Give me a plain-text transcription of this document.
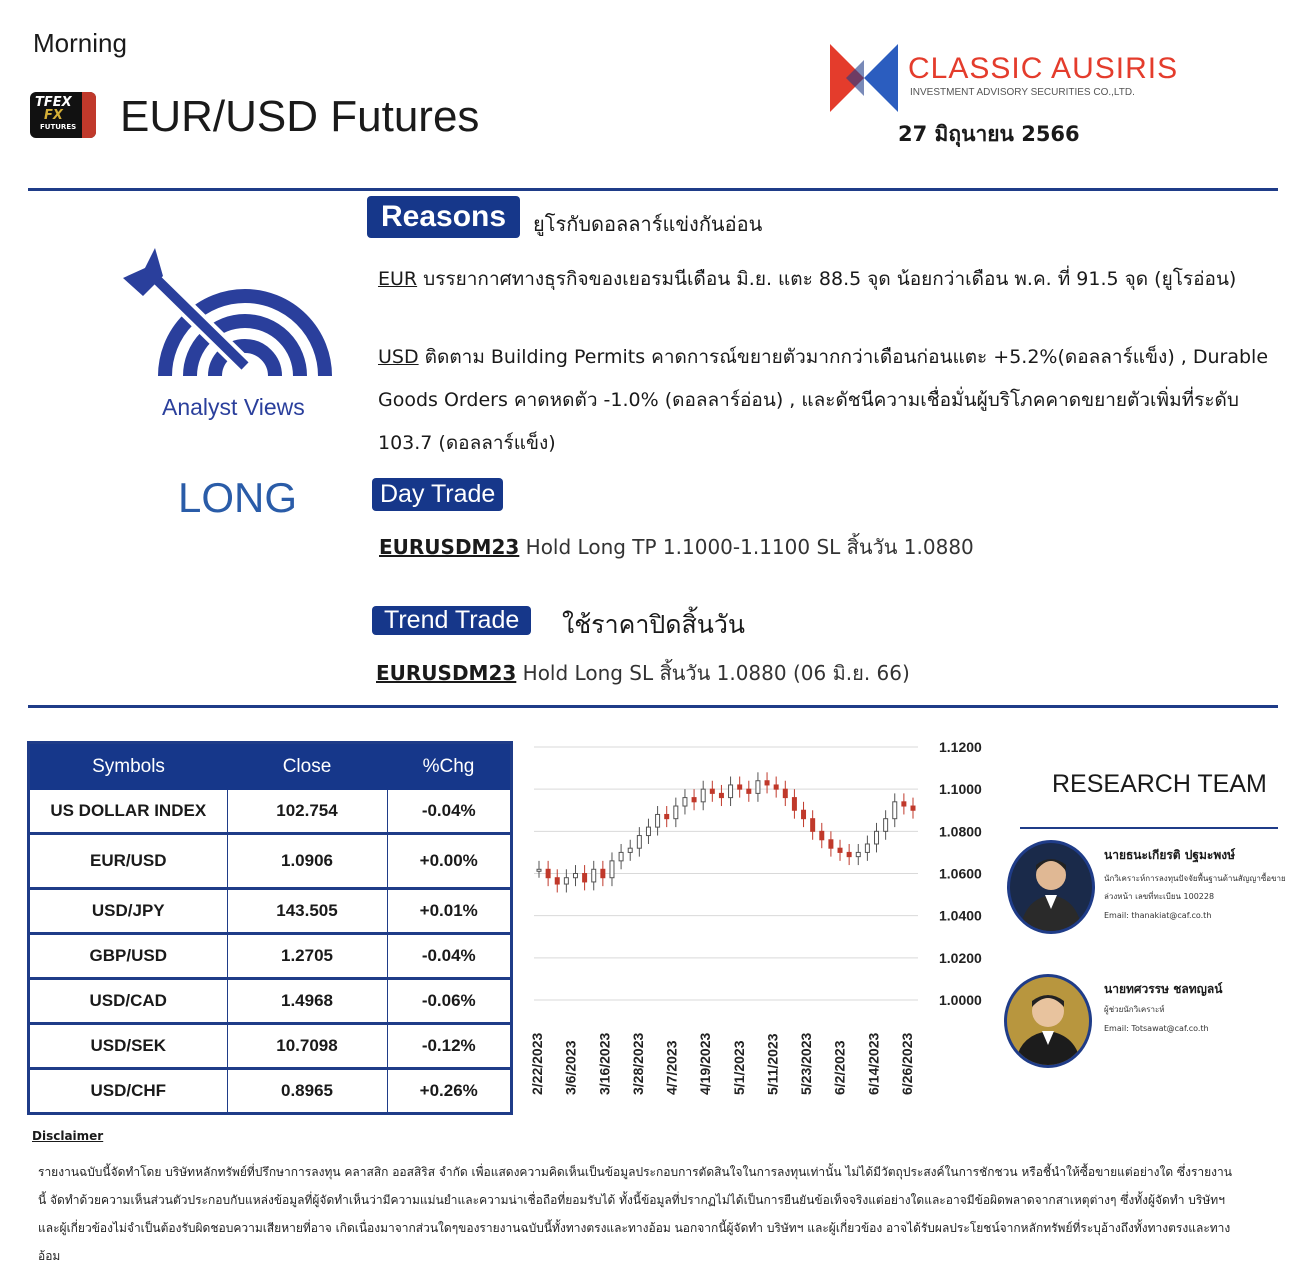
Morning
TFEX
FX
FUTURES EUR/USD Futures
CLASSIC AUSIRIS
INVESTMENT ADVISORY SECURITIES CO.,LTD.
27 มิถุนายน 2566
Analyst Views
LONG
Reasons	ยูโรกับดอลลาร์แข่งกันอ่อน
EUR บรรยากาศทางธุรกิจของเยอรมนีเดือน มิ.ย. แตะ 88.5 จุด น้อยกว่าเดือน พ.ค. ที่ 91.5 จุด (ยูโรอ่อน)
USD ติดตาม Building Permits คาดการณ์ขยายตัวมากกว่าเดือนก่อนแตะ +5.2%(ดอลลาร์แข็ง) , Durable Goods Orders คาดหดตัว -1.0% (ดอลลาร์อ่อน) , และดัชนีความเชื่อมั่นผู้บริโภคคาดขยายตัวเพิ่มที่ระดับ 103.7 (ดอลลาร์แข็ง)
Day Trade
EURUSDM23 Hold Long TP 1.1000-1.1100 SL สิ้นวัน 1.0880
Trend Trade	ใช้ราคาปิดสิ้นวัน
EURUSDM23 Hold Long SL สิ้นวัน 1.0880 (06 มิ.ย. 66)
Symbols	Close	%Chg
US DOLLAR INDEX	102.754	-0.04%
EUR/USD	1.0906	+0.00%
USD/JPY	143.505	+0.01%
GBP/USD	1.2705	-0.04%
USD/CAD	1.4968	-0.06%
USD/SEK	10.7098	-0.12%
USD/CHF	0.8965	+0.26%
1.1200
1.1000
1.0800
1.0600
1.0400
1.0200
1.0000
2/22/2023 3/6/2023 3/16/2023 3/28/2023 4/7/2023 4/19/2023 5/1/2023 5/11/2023 5/23/2023 6/2/2023 6/14/2023 6/26/2023
RESEARCH TEAM
นายธนะเกียรติ ปฐมะพงษ์
นักวิเคราะห์การลงทุนปัจจัยพื้นฐานด้านสัญญาซื้อขายล่วงหน้า เลขที่ทะเบียน 100228
Email: thanakiat@caf.co.th
นายทศวรรษ ชลทญลน์
ผู้ช่วยนักวิเคราะห์
Email: Totsawat@caf.co.th
Disclaimer
รายงานฉบับนี้จัดทำโดย บริษัทหลักทรัพย์ที่ปรึกษาการลงทุน คลาสสิก ออสสิริส จำกัด เพื่อแสดงความคิดเห็นเป็นข้อมูลประกอบการตัดสินใจในการลงทุนเท่านั้น ไม่ได้มีวัตถุประสงค์ในการชักชวน หรือชี้นำให้ซื้อขายแต่อย่างใด ซึ่งรายงานนี้ จัดทำด้วยความเห็นส่วนตัวประกอบกับแหล่งข้อมูลที่ผู้จัดทำเห็นว่ามีความแม่นยำและความน่าเชื่อถือที่ยอมรับได้ ทั้งนี้ข้อมูลที่ปรากฏไม่ได้เป็นการยืนยันข้อเท็จจริงแต่อย่างใดและอาจมีข้อผิดพลาดจากสาเหตุต่างๆ ซึ่งทั้งผู้จัดทำ บริษัทฯ และผู้เกี่ยวข้องไม่จำเป็นต้องรับผิดชอบความเสียหายที่อาจ เกิดเนื่องมาจากส่วนใดๆของรายงานฉบับนี้ทั้งทางตรงและทางอ้อม นอกจากนี้ผู้จัดทำ บริษัทฯ และผู้เกี่ยวข้อง อาจได้รับผลประโยชน์จากหลักทรัพย์ที่ระบุอ้างถึงทั้งทางตรงและทางอ้อม
